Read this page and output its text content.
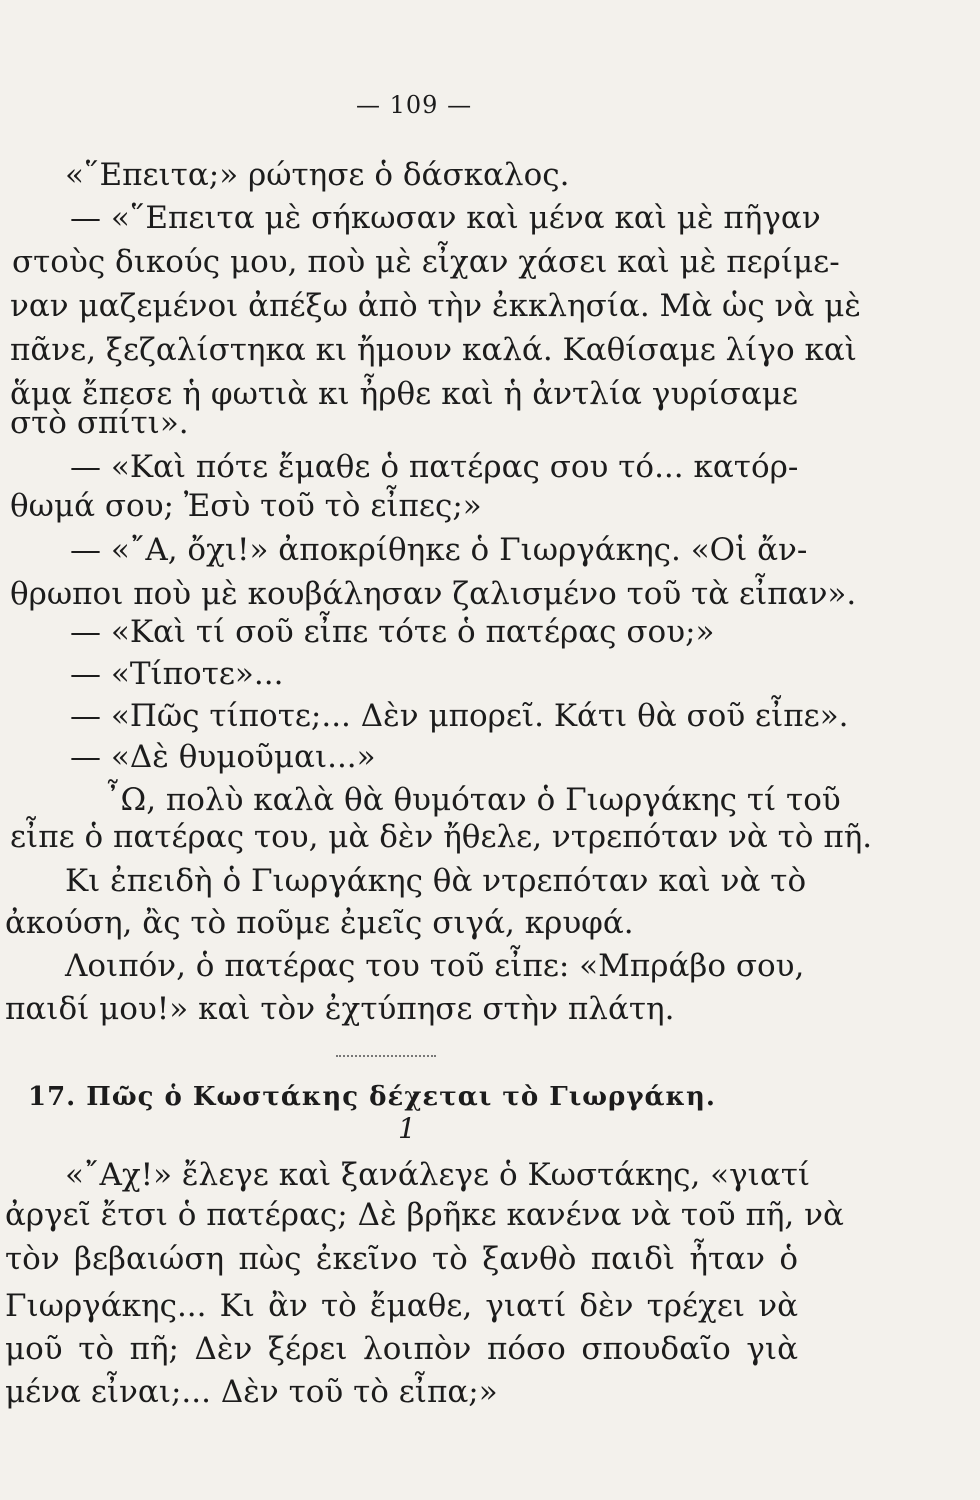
— 109 —
«῞Επειτα;» ρώτησε ὁ δάσκαλος.
— «῞Επειτα μὲ σήκωσαν καὶ μένα καὶ μὲ πῆγαν
στοὺς δικούς μου, ποὺ μὲ εἶχαν χάσει καὶ μὲ περίμε-
ναν μαζεμένοι ἀπέξω ἀπὸ τὴν ἐκκλησία. Μὰ ὡς νὰ μὲ
πᾶνε, ξεζαλίστηκα κι ἤμουν καλά. Καθίσαμε λίγο καὶ
ἅμα ἔπεσε ἡ φωτιὰ κι ἦρθε καὶ ἡ ἀντλία γυρίσαμε
στὸ σπίτι».
— «Καὶ πότε ἔμαθε ὁ πατέρας σου τό... κατόρ-
θωμά σου; Ἐσὺ τοῦ τὸ εἶπες;»
— «῎Α, ὄχι!» ἀποκρίθηκε ὁ Γιωργάκης. «Οἱ ἄν-
θρωποι ποὺ μὲ κουβάλησαν ζαλισμένο τοῦ τὰ εἶπαν».
— «Καὶ τί σοῦ εἶπε τότε ὁ πατέρας σου;»
— «Τίποτε»...
— «Πῶς τίποτε;... Δὲν μπορεῖ. Κάτι θὰ σοῦ εἶπε».
— «Δὲ θυμοῦμαι...»
῏Ω, πολὺ καλὰ θὰ θυμόταν ὁ Γιωργάκης τί τοῦ
εἶπε ὁ πατέρας του, μὰ δὲν ἤθελε, ντρεπόταν νὰ τὸ πῆ.
Κι ἐπειδὴ ὁ Γιωργάκης θὰ ντρεπόταν καὶ νὰ τὸ
ἀκούση, ἂς τὸ ποῦμε ἐμεῖς σιγά, κρυφά.
Λοιπόν, ὁ πατέρας του τοῦ εἶπε: «Μπράβο σου,
παιδί μου!» καὶ τὸν ἐχτύπησε στὴν πλάτη.
17. Πῶς ὁ Κωστάκης δέχεται τὸ Γιωργάκη.
1
«῎Αχ!» ἔλεγε καὶ ξανάλεγε ὁ Κωστάκης, «γιατί
ἀργεῖ ἔτσι ὁ πατέρας; Δὲ βρῆκε κανένα νὰ τοῦ πῆ, νὰ
τὸν βεβαιώση πὼς ἐκεῖνο τὸ ξανθὸ παιδὶ ἦταν ὁ
Γιωργάκης... Κι ἂν τὸ ἔμαθε, γιατί δὲν τρέχει νὰ
μοῦ τὸ πῆ; Δὲν ξέρει λοιπὸν πόσο σπουδαῖο γιὰ
μένα εἶναι;... Δὲν τοῦ τὸ εἶπα;»
